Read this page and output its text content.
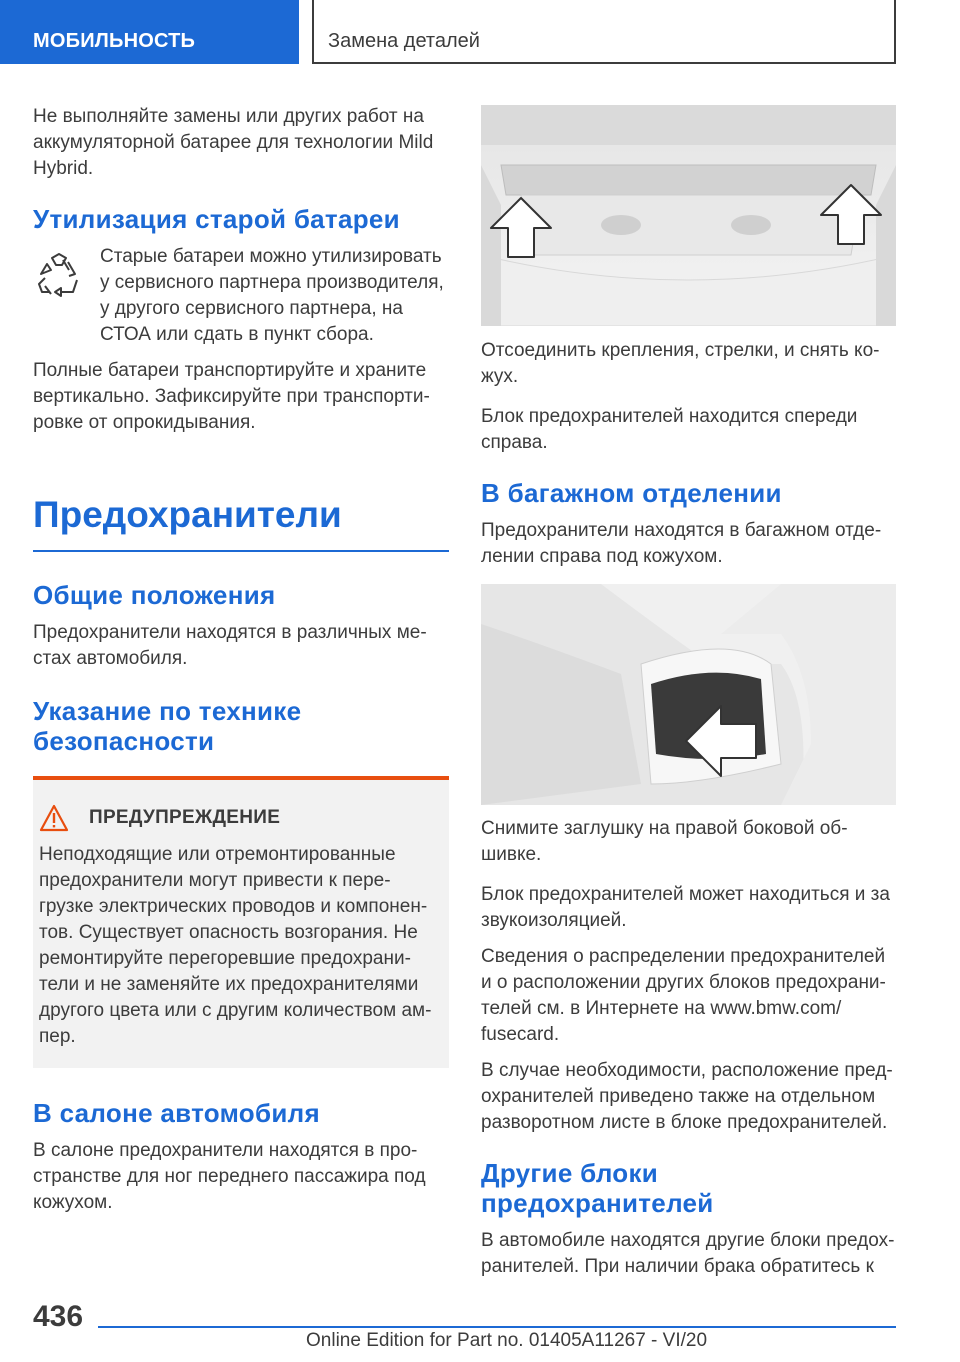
МОБИЛЬНОСТЬ	Замена деталей

Не выполняйте замены или других работ на аккумуляторной батарее для технологии Mild Hybrid.

Утилизация старой батареи

Старые батареи можно утилизировать у сервисного партнера производителя, у другого сервисного партнера, на СТОА или сдать в пункт сбора.

Полные батареи транспортируйте и храните вертикально. Зафиксируйте при транспортировке от опрокидывания.

Предохранители
Общие положения

Предохранители находятся в различных местах автомобиля.

Указание по технике безопасности
ПРЕДУПРЕЖДЕНИЕ

Неподходящие или отремонтированные предохранители могут привести к перегрузке электрических проводов и компонентов. Существует опасность возгорания. Не ремонтируйте перегоревшие предохранители и не заменяйте их предохранителями другого цвета или с другим количеством ампер.

В салоне автомобиля

В салоне предохранители находятся в пространстве для ног переднего пассажира под кожухом.

Отсоединить крепления, стрелки, и снять кожух.

Блок предохранителей находится спереди справа.

В багажном отделении

Предохранители находятся в багажном отделении справа под кожухом.

Снимите заглушку на правой боковой обшивке.

Блок предохранителей может находиться и за звукоизоляцией.

Сведения о распределении предохранителей и о расположении других блоков предохранителей см. в Интернете на www.bmw.com/ fusecard.

В случае необходимости, расположение предохранителей приведено также на отдельном разворотном листе в блоке предохранителей.

Другие блоки предохранителей

В автомобиле находятся другие блоки предохранителей. При наличии брака обратитесь к

436
Online Edition for Part no. 01405A11267 - VI/20
